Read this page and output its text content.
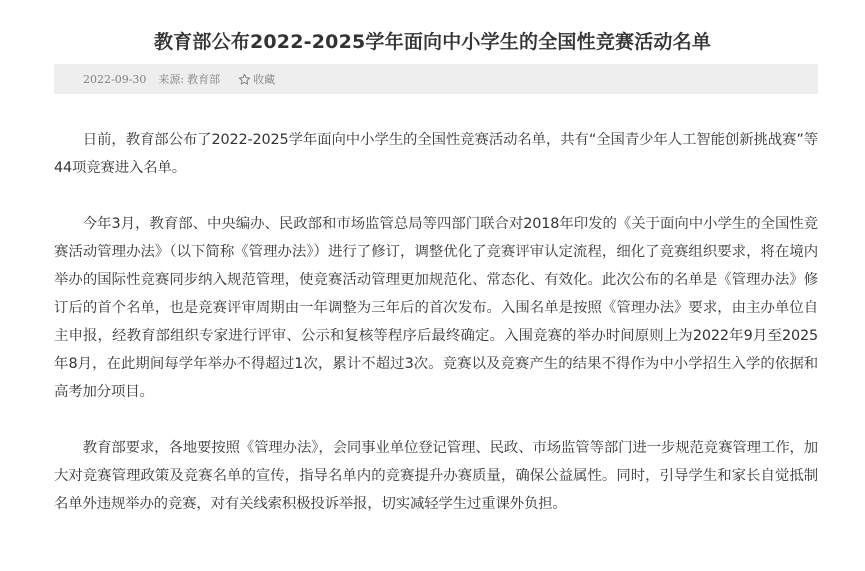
教育部公布2022-2025学年面向中小学生的全国性竞赛活动名单
2022-09-30 来源: 教育部	收藏

日前，教育部公布了2022-2025学年面向中小学生的全国性竞赛活动名单，共有“全国青少年人工智能创新挑战赛”等44项竞赛进入名单。

今年3月，教育部、中央编办、民政部和市场监管总局等四部门联合对2018年印发的《关于面向中小学生的全国性竞赛活动管理办法》（以下简称《管理办法》）进行了修订，调整优化了竞赛评审认定流程，细化了竞赛组织要求，将在境内举办的国际性竞赛同步纳入规范管理，使竞赛活动管理更加规范化、常态化、有效化。此次公布的名单是《管理办法》修订后的首个名单，也是竞赛评审周期由一年调整为三年后的首次发布。入围名单是按照《管理办法》要求，由主办单位自主申报，经教育部组织专家进行评审、公示和复核等程序后最终确定。入围竞赛的举办时间原则上为2022年9月至2025年8月，在此期间每学年举办不得超过1次，累计不超过3次。竞赛以及竞赛产生的结果不得作为中小学招生入学的依据和高考加分项目。

教育部要求，各地要按照《管理办法》，会同事业单位登记管理、民政、市场监管等部门进一步规范竞赛管理工作，加大对竞赛管理政策及竞赛名单的宣传，指导名单内的竞赛提升办赛质量，确保公益属性。同时，引导学生和家长自觉抵制名单外违规举办的竞赛，对有关线索积极投诉举报，切实减轻学生过重课外负担。
